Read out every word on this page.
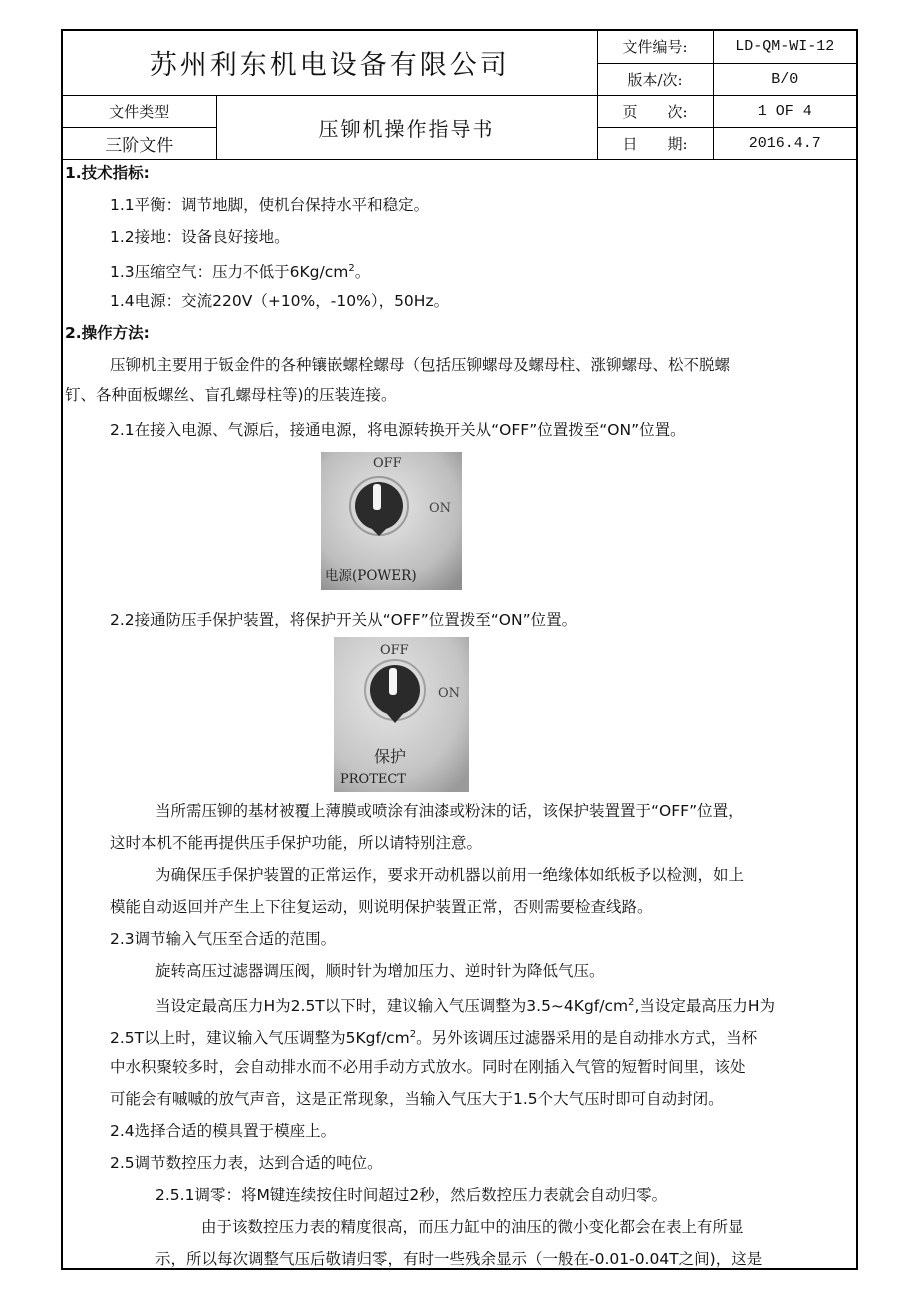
苏州利东机电设备有限公司		文件编号:	LD-QM-WI-12
		版本/次:	B/0
文件类型	压铆机操作指导书	页　　次:	1 OF 4
三阶文件		日　　期:	2016.4.7
1.技术指标:
1.1平衡：调节地脚，使机台保持水平和稳定。
1.2接地：设备良好接地。
1.3压缩空气：压力不低于$6Kg/cm^2$。
1.4电源：交流220V（+10%，-10%），50Hz。
2.操作方法:
压铆机主要用于钣金件的各种镶嵌螺栓螺母（包括压铆螺母及螺母柱、涨铆螺母、松不脱螺
钉、各种面板螺丝、盲孔螺母柱等)的压装连接。
2.1在接入电源、气源后，接通电源，将电源转换开关从“OFF”位置拨至“ON”位置。
OFF
ON
电源(POWER)
2.2接通防压手保护装置，将保护开关从“OFF”位置拨至“ON”位置。
OFF
ON
保护
PROTECT
当所需压铆的基材被覆上薄膜或喷涂有油漆或粉沫的话，该保护装置置于“OFF”位置，
这时本机不能再提供压手保护功能，所以请特别注意。
为确保压手保护装置的正常运作，要求开动机器以前用一绝缘体如纸板予以检测，如上
模能自动返回并产生上下往复运动，则说明保护装置正常，否则需要检查线路。
2.3调节输入气压至合适的范围。
旋转高压过滤器调压阀，顺时针为增加压力、逆时针为降低气压。
当设定最高压力H为2.5T以下时，建议输入气压调整为$3.5\sim 4Kgf/cm^2$,当设定最高压力H为
2.5T以上时，建议输入气压调整为$5Kgf/cm^2$。另外该调压过滤器采用的是自动排水方式，当杯
中水积聚较多时，会自动排水而不必用手动方式放水。同时在刚插入气管的短暂时间里，该处
可能会有嘁嘁的放气声音，这是正常现象，当输入气压大于1.5个大气压时即可自动封闭。
2.4选择合适的模具置于模座上。
2.5调节数控压力表，达到合适的吨位。
2.5.1调零：将M键连续按住时间超过2秒，然后数控压力表就会自动归零。
由于该数控压力表的精度很高，而压力缸中的油压的微小变化都会在表上有所显
示，所以每次调整气压后敬请归零，有时一些残余显示（一般在-0.01-0.04T之间)，这是
